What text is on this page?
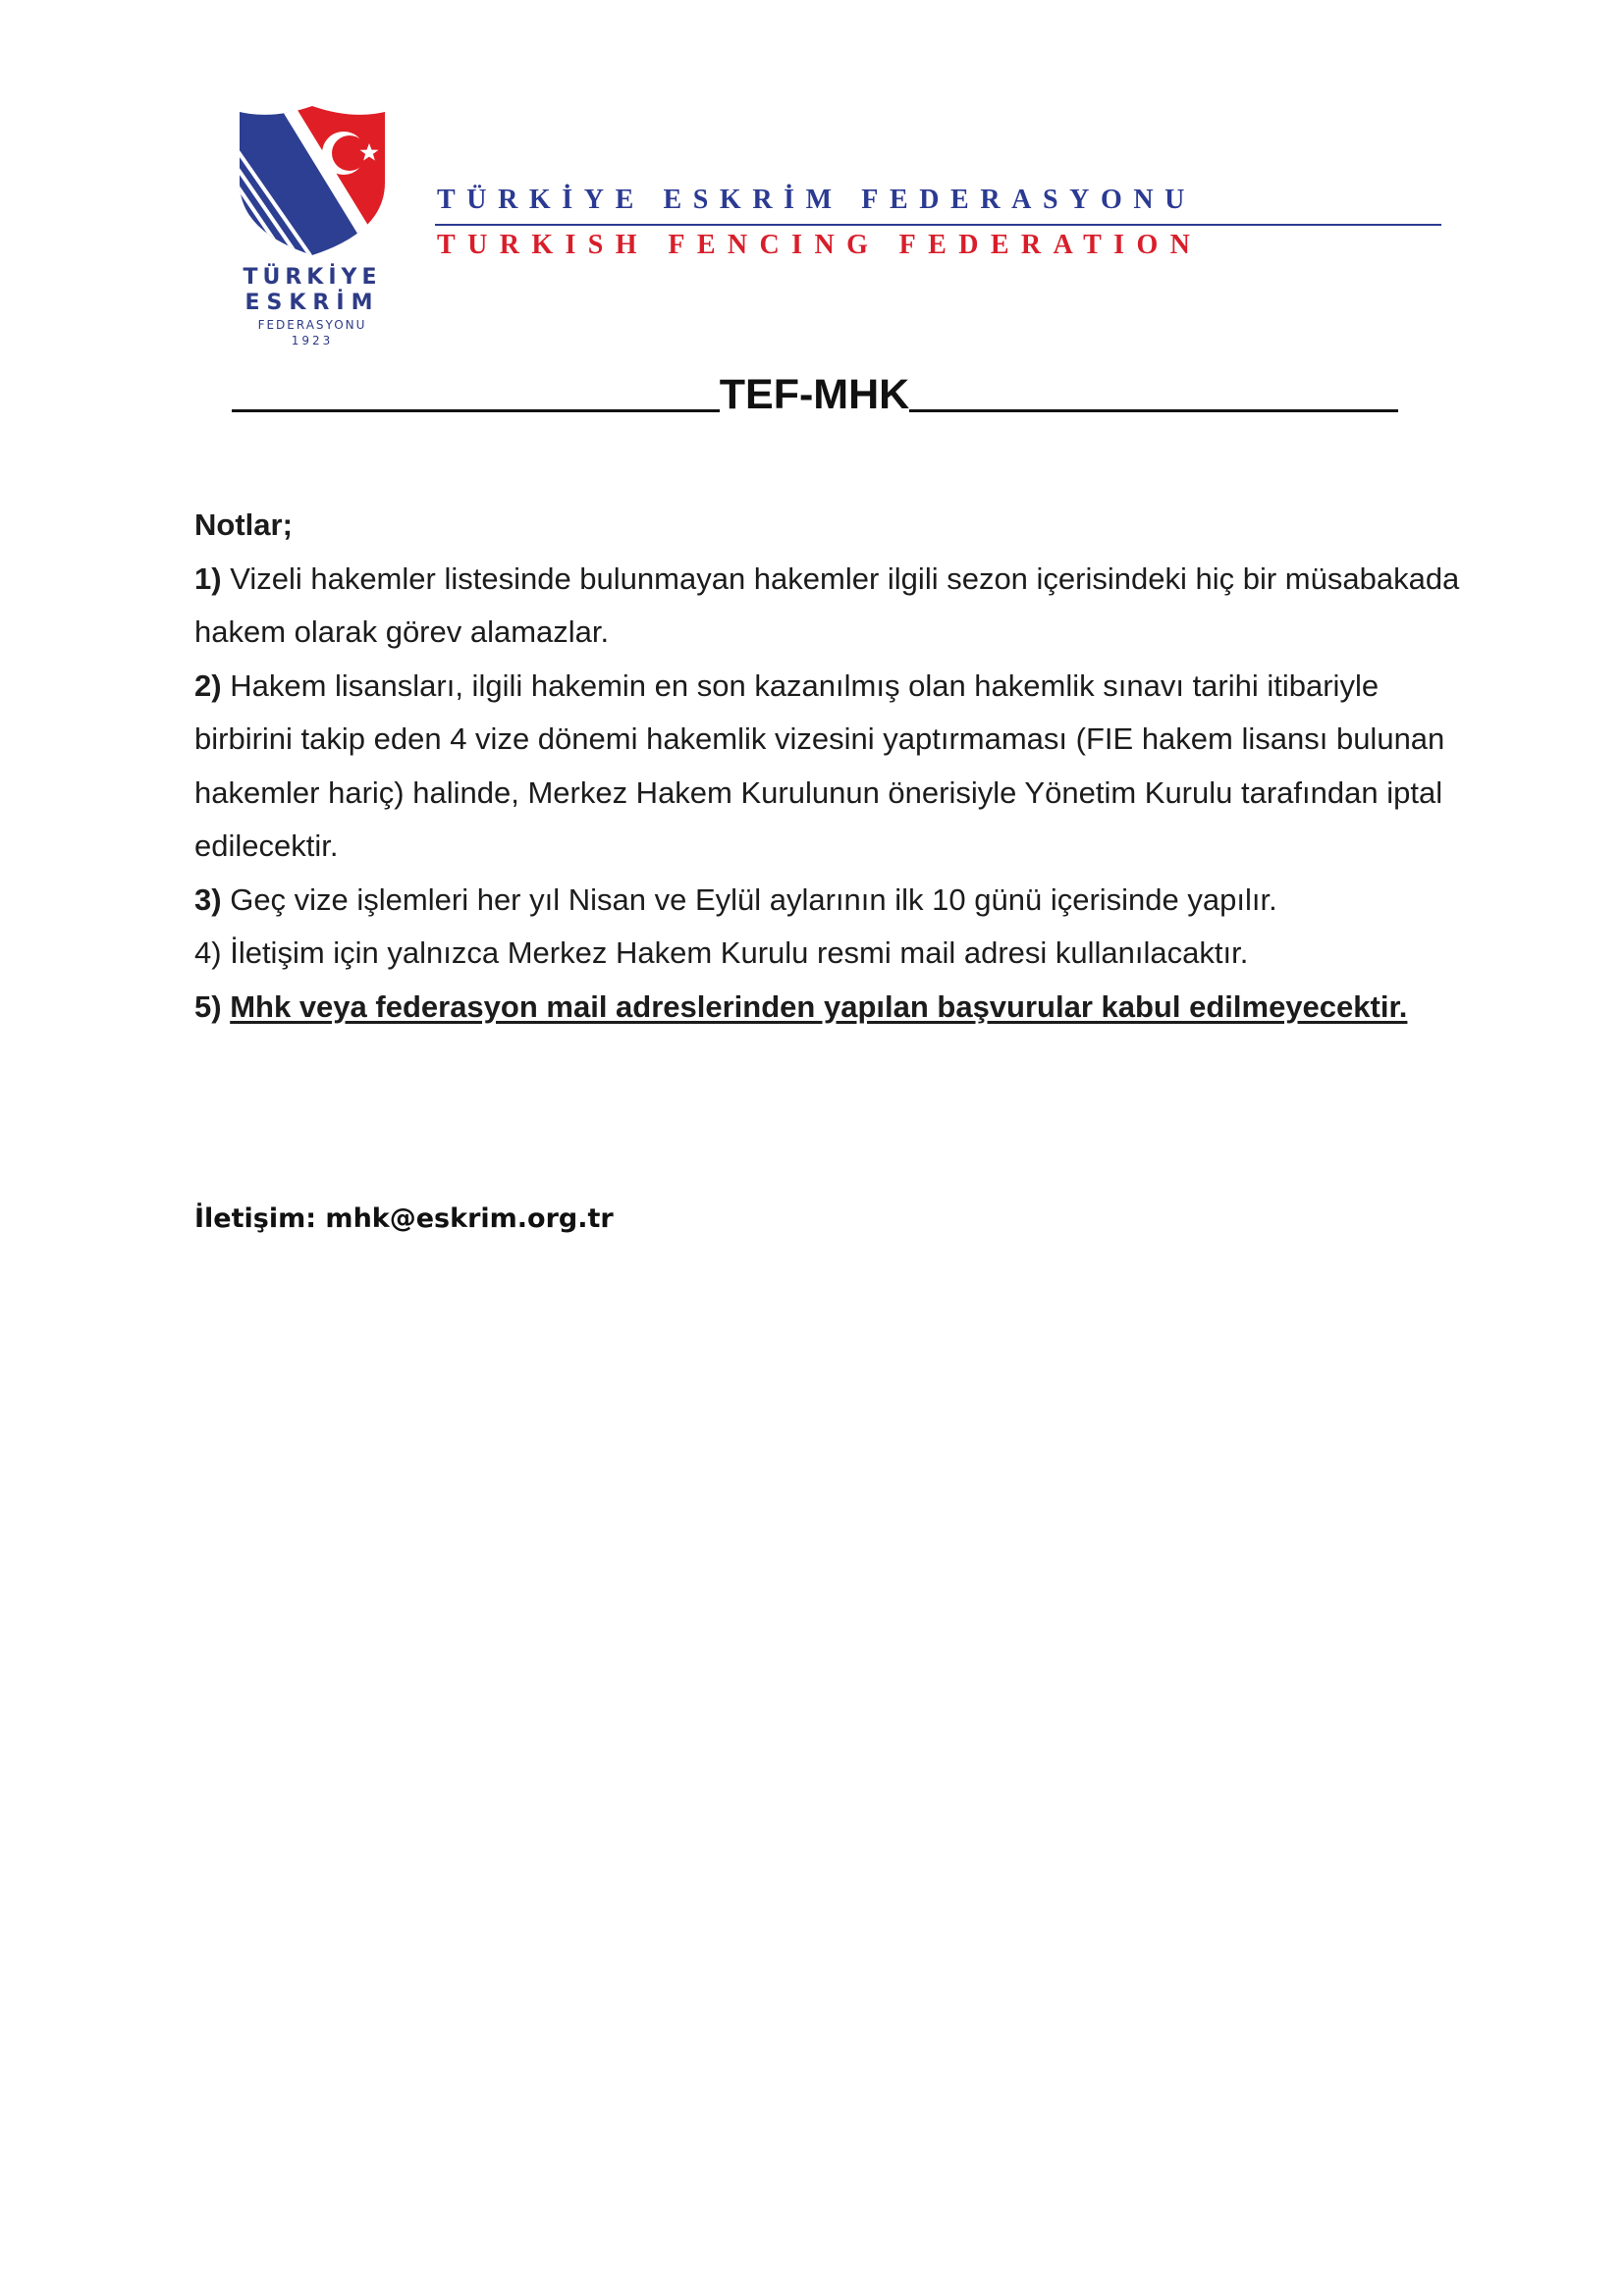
TÜRKİYE
ESKRİM
FEDERASYONU
1923
TÜRKİYE ESKRİM FEDERASYONU
TURKISH FENCING FEDERATION
TEF-MHK

Notlar;

1) Vizeli hakemler listesinde bulunmayan hakemler ilgili sezon içerisindeki hiç bir müsabakada hakem olarak görev alamazlar.

2) Hakem lisansları, ilgili hakemin en son kazanılmış olan hakemlik sınavı tarihi itibariyle birbirini takip eden 4 vize dönemi hakemlik vizesini yaptırmaması (FIE hakem lisansı bulunan hakemler hariç) halinde, Merkez Hakem Kurulunun önerisiyle Yönetim Kurulu tarafından iptal edilecektir.

3) Geç vize işlemleri her yıl Nisan ve Eylül aylarının ilk 10 günü içerisinde yapılır.

4) İletişim için yalnızca Merkez Hakem Kurulu resmi mail adresi kullanılacaktır.

5) Mhk veya federasyon mail adreslerinden yapılan başvurular kabul edilmeyecektir.

İletişim: mhk@eskrim.org.tr
